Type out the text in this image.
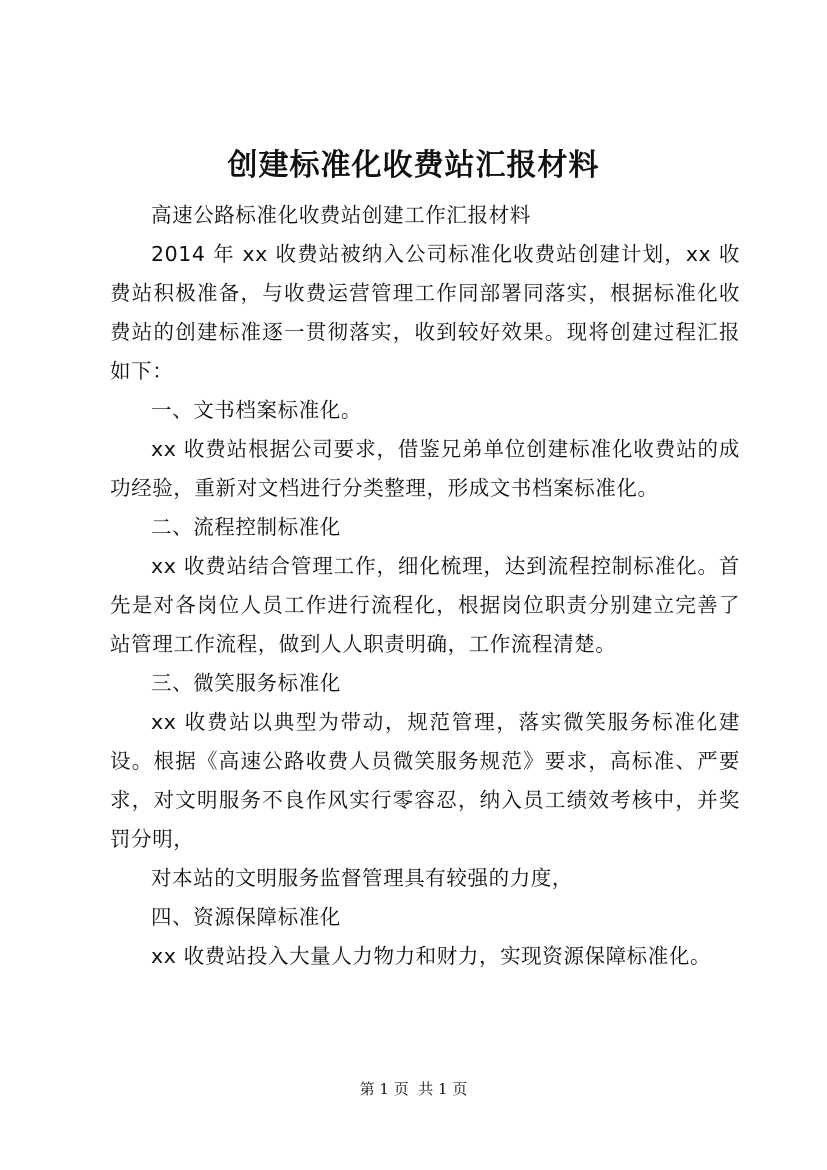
创建标准化收费站汇报材料

高速公路标准化收费站创建工作汇报材料

2014 年 xx 收费站被纳入公司标准化收费站创建计划，xx 收费站积极准备，与收费运营管理工作同部署同落实，根据标准化收费站的创建标准逐一贯彻落实，收到较好效果。现将创建过程汇报如下：

一、文书档案标准化。

xx 收费站根据公司要求，借鉴兄弟单位创建标准化收费站的成功经验，重新对文档进行分类整理，形成文书档案标准化。

二、流程控制标准化

xx 收费站结合管理工作，细化梳理，达到流程控制标准化。首先是对各岗位人员工作进行流程化，根据岗位职责分别建立完善了站管理工作流程，做到人人职责明确，工作流程清楚。

三、微笑服务标准化

xx 收费站以典型为带动，规范管理，落实微笑服务标准化建设。根据《高速公路收费人员微笑服务规范》要求，高标准、严要求，对文明服务不良作风实行零容忍，纳入员工绩效考核中，并奖罚分明，

对本站的文明服务监督管理具有较强的力度，

四、资源保障标准化

xx 收费站投入大量人力物力和财力，实现资源保障标准化。

第 1 页  共 1 页
